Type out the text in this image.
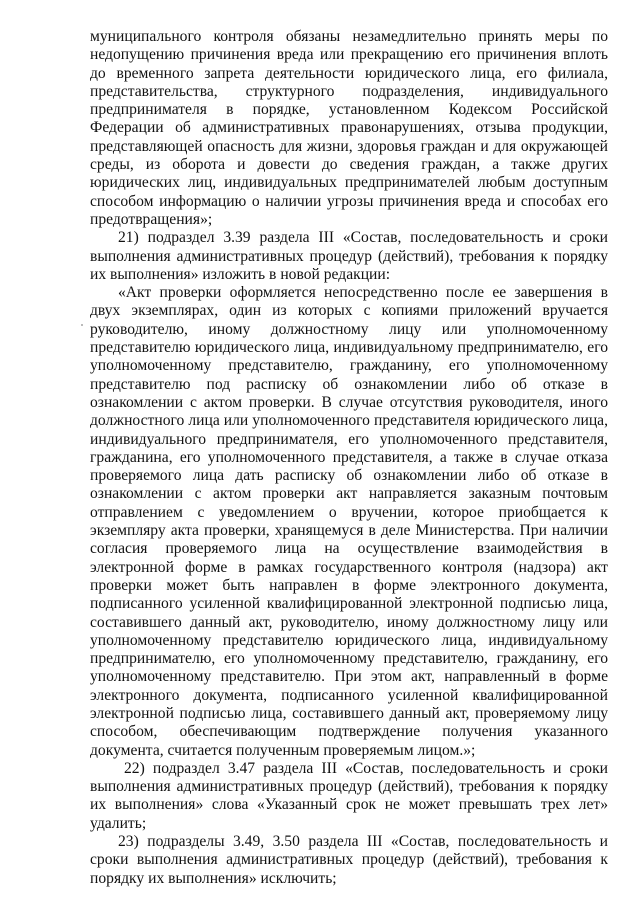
муниципального контроля обязаны незамедлительно принять меры по недопущению причинения вреда или прекращению его причинения вплоть до временного запрета деятельности юридического лица, его филиала, представительства, структурного подразделения, индивидуального предпринимателя в порядке, установленном Кодексом Российской Федерации об административных правонарушениях, отзыва продукции, представляющей опасность для жизни, здоровья граждан и для окружающей среды, из оборота и довести до сведения граждан, а также других юридических лиц, индивидуальных предпринимателей любым доступным способом информацию о наличии угрозы причинения вреда и способах его предотвращения»;

21) подраздел 3.39 раздела III «Состав, последовательность и сроки выполнения административных процедур (действий), требования к порядку их выполнения» изложить в новой редакции:

«Акт проверки оформляется непосредственно после ее завершения в двух экземплярах, один из которых с копиями приложений вручается руководителю, иному должностному лицу или уполномоченному представителю юридического лица, индивидуальному предпринимателю, его уполномоченному представителю, гражданину, его уполномоченному представителю под расписку об ознакомлении либо об отказе в ознакомлении с актом проверки. В случае отсутствия руководителя, иного должностного лица или уполномоченного представителя юридического лица, индивидуального предпринимателя, его уполномоченного представителя, гражданина, его уполномоченного представителя, а также в случае отказа проверяемого лица дать расписку об ознакомлении либо об отказе в ознакомлении с актом проверки акт направляется заказным почтовым отправлением с уведомлением о вручении, которое приобщается к экземпляру акта проверки, хранящемуся в деле Министерства. При наличии согласия проверяемого лица на осуществление взаимодействия в электронной форме в рамках государственного контроля (надзора) акт проверки может быть направлен в форме электронного документа, подписанного усиленной квалифицированной электронной подписью лица, составившего данный акт, руководителю, иному должностному лицу или уполномоченному представителю юридического лица, индивидуальному предпринимателю, его уполномоченному представителю, гражданину, его уполномоченному представителю. При этом акт, направленный в форме электронного документа, подписанного усиленной квалифицированной электронной подписью лица, составившего данный акт, проверяемому лицу способом, обеспечивающим подтверждение получения указанного документа, считается полученным проверяемым лицом.»;

22) подраздел 3.47 раздела III «Состав, последовательность и сроки выполнения административных процедур (действий), требования к порядку их выполнения» слова «Указанный срок не может превышать трех лет» удалить;

23) подразделы 3.49, 3.50 раздела III «Состав, последовательность и сроки выполнения административных процедур (действий), требования к порядку их выполнения» исключить;
